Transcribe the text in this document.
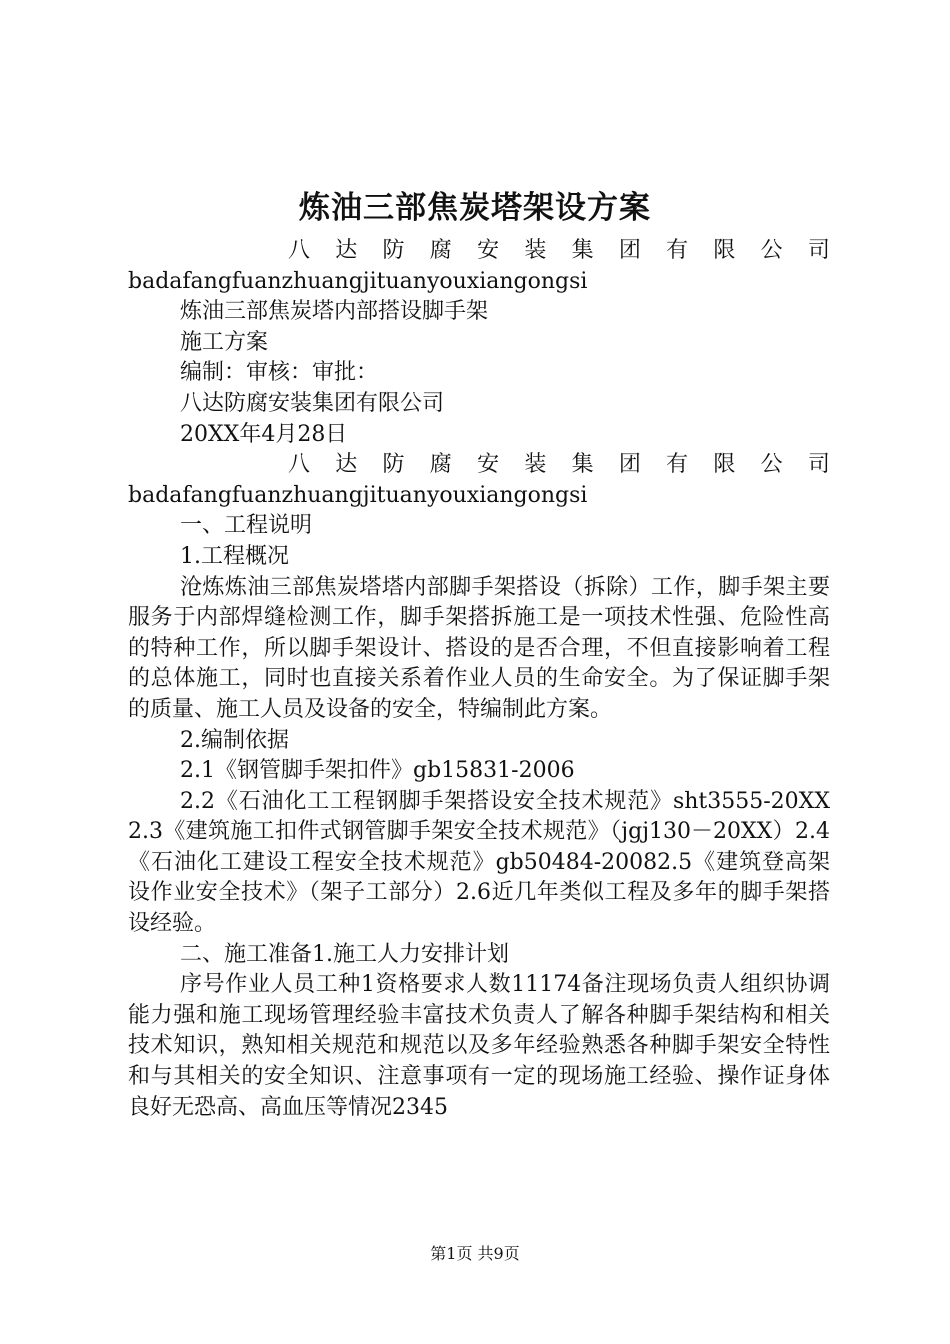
炼油三部焦炭塔架设方案
八 达 防 腐 安 装 集 团 有 限 公 司
badafangfuanzhuangjituanyouxiangongsi
炼油三部焦炭塔内部搭设脚手架
施工方案
编制：审核：审批：
八达防腐安装集团有限公司
20XX年4月28日
八 达 防 腐 安 装 集 团 有 限 公 司
badafangfuanzhuangjituanyouxiangongsi
一、工程说明
1.工程概况
沧炼炼油三部焦炭塔塔内部脚手架搭设（拆除）工作，脚手架主要服务于内部焊缝检测工作，脚手架搭拆施工是一项技术性强、危险性高的特种工作，所以脚手架设计、搭设的是否合理，不但直接影响着工程的总体施工，同时也直接关系着作业人员的生命安全。为了保证脚手架的质量、施工人员及设备的安全，特编制此方案。
2.编制依据
2.1《钢管脚手架扣件》gb15831-2006
2.2《石油化工工程钢脚手架搭设安全技术规范》sht3555-20XX2.3《建筑施工扣件式钢管脚手架安全技术规范》（jgj130－20XX）2.4《石油化工建设工程安全技术规范》gb50484-20082.5《建筑登高架设作业安全技术》（架子工部分）2.6近几年类似工程及多年的脚手架搭设经验。
二、施工准备1.施工人力安排计划
序号作业人员工种1资格要求人数11174备注现场负责人组织协调能力强和施工现场管理经验丰富技术负责人了解各种脚手架结构和相关技术知识，熟知相关规范和规范以及多年经验熟悉各种脚手架安全特性和与其相关的安全知识、注意事项有一定的现场施工经验、操作证身体良好无恐高、高血压等情况2345
第1页 共9页
